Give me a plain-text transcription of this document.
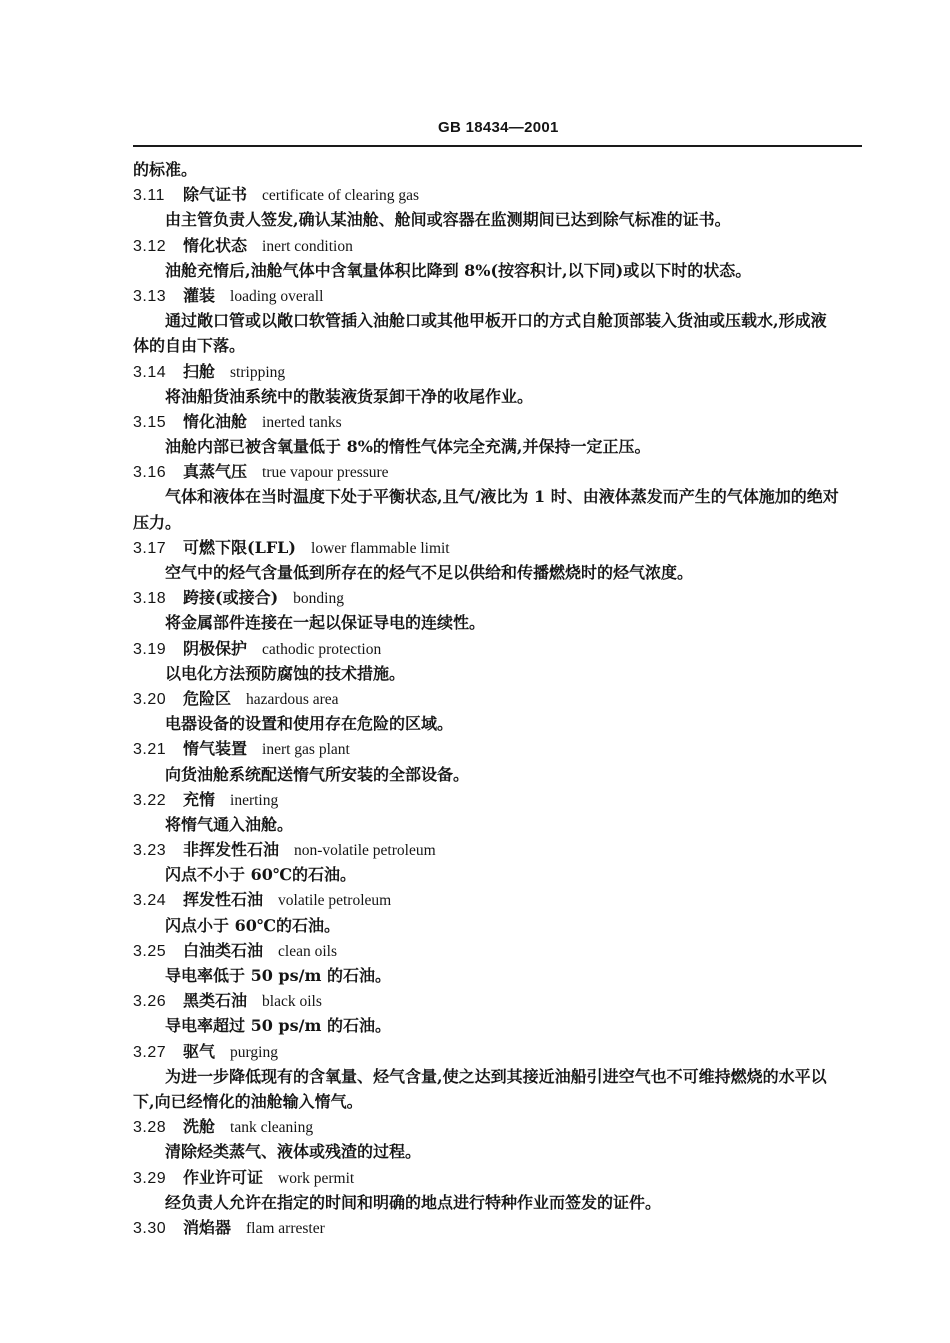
GB 18434—2001
的标准。
3.11 除气证书 certificate of clearing gas
由主管负责人签发,确认某油舱、舱间或容器在监测期间已达到除气标准的证书。
3.12 惰化状态 inert condition
油舱充惰后,油舱气体中含氧量体积比降到 8%(按容积计,以下同)或以下时的状态。
3.13 灌装 loading overall
通过敞口管或以敞口软管插入油舱口或其他甲板开口的方式自舱顶部装入货油或压载水,形成液
体的自由下落。
3.14 扫舱 stripping
将油船货油系统中的散装液货泵卸干净的收尾作业。
3.15 惰化油舱 inerted tanks
油舱内部已被含氧量低于 8%的惰性气体完全充满,并保持一定正压。
3.16 真蒸气压 true vapour pressure
气体和液体在当时温度下处于平衡状态,且气/液比为 1 时、由液体蒸发而产生的气体施加的绝对
压力。
3.17 可燃下限(LFL) lower flammable limit
空气中的烃气含量低到所存在的烃气不足以供给和传播燃烧时的烃气浓度。
3.18 跨接(或接合) bonding
将金属部件连接在一起以保证导电的连续性。
3.19 阴极保护 cathodic protection
以电化方法预防腐蚀的技术措施。
3.20 危险区 hazardous area
电器设备的设置和使用存在危险的区域。
3.21 惰气装置 inert gas plant
向货油舱系统配送惰气所安装的全部设备。
3.22 充惰 inerting
将惰气通入油舱。
3.23 非挥发性石油 non-volatile petroleum
闪点不小于 60℃的石油。
3.24 挥发性石油 volatile petroleum
闪点小于 60℃的石油。
3.25 白油类石油 clean oils
导电率低于 50 ps/m 的石油。
3.26 黑类石油 black oils
导电率超过 50 ps/m 的石油。
3.27 驱气 purging
为进一步降低现有的含氧量、烃气含量,使之达到其接近油船引进空气也不可维持燃烧的水平以
下,向已经惰化的油舱输入惰气。
3.28 洗舱 tank cleaning
清除烃类蒸气、液体或残渣的过程。
3.29 作业许可证 work permit
经负责人允许在指定的时间和明确的地点进行特种作业而签发的证件。
3.30 消焰器 flam arrester
